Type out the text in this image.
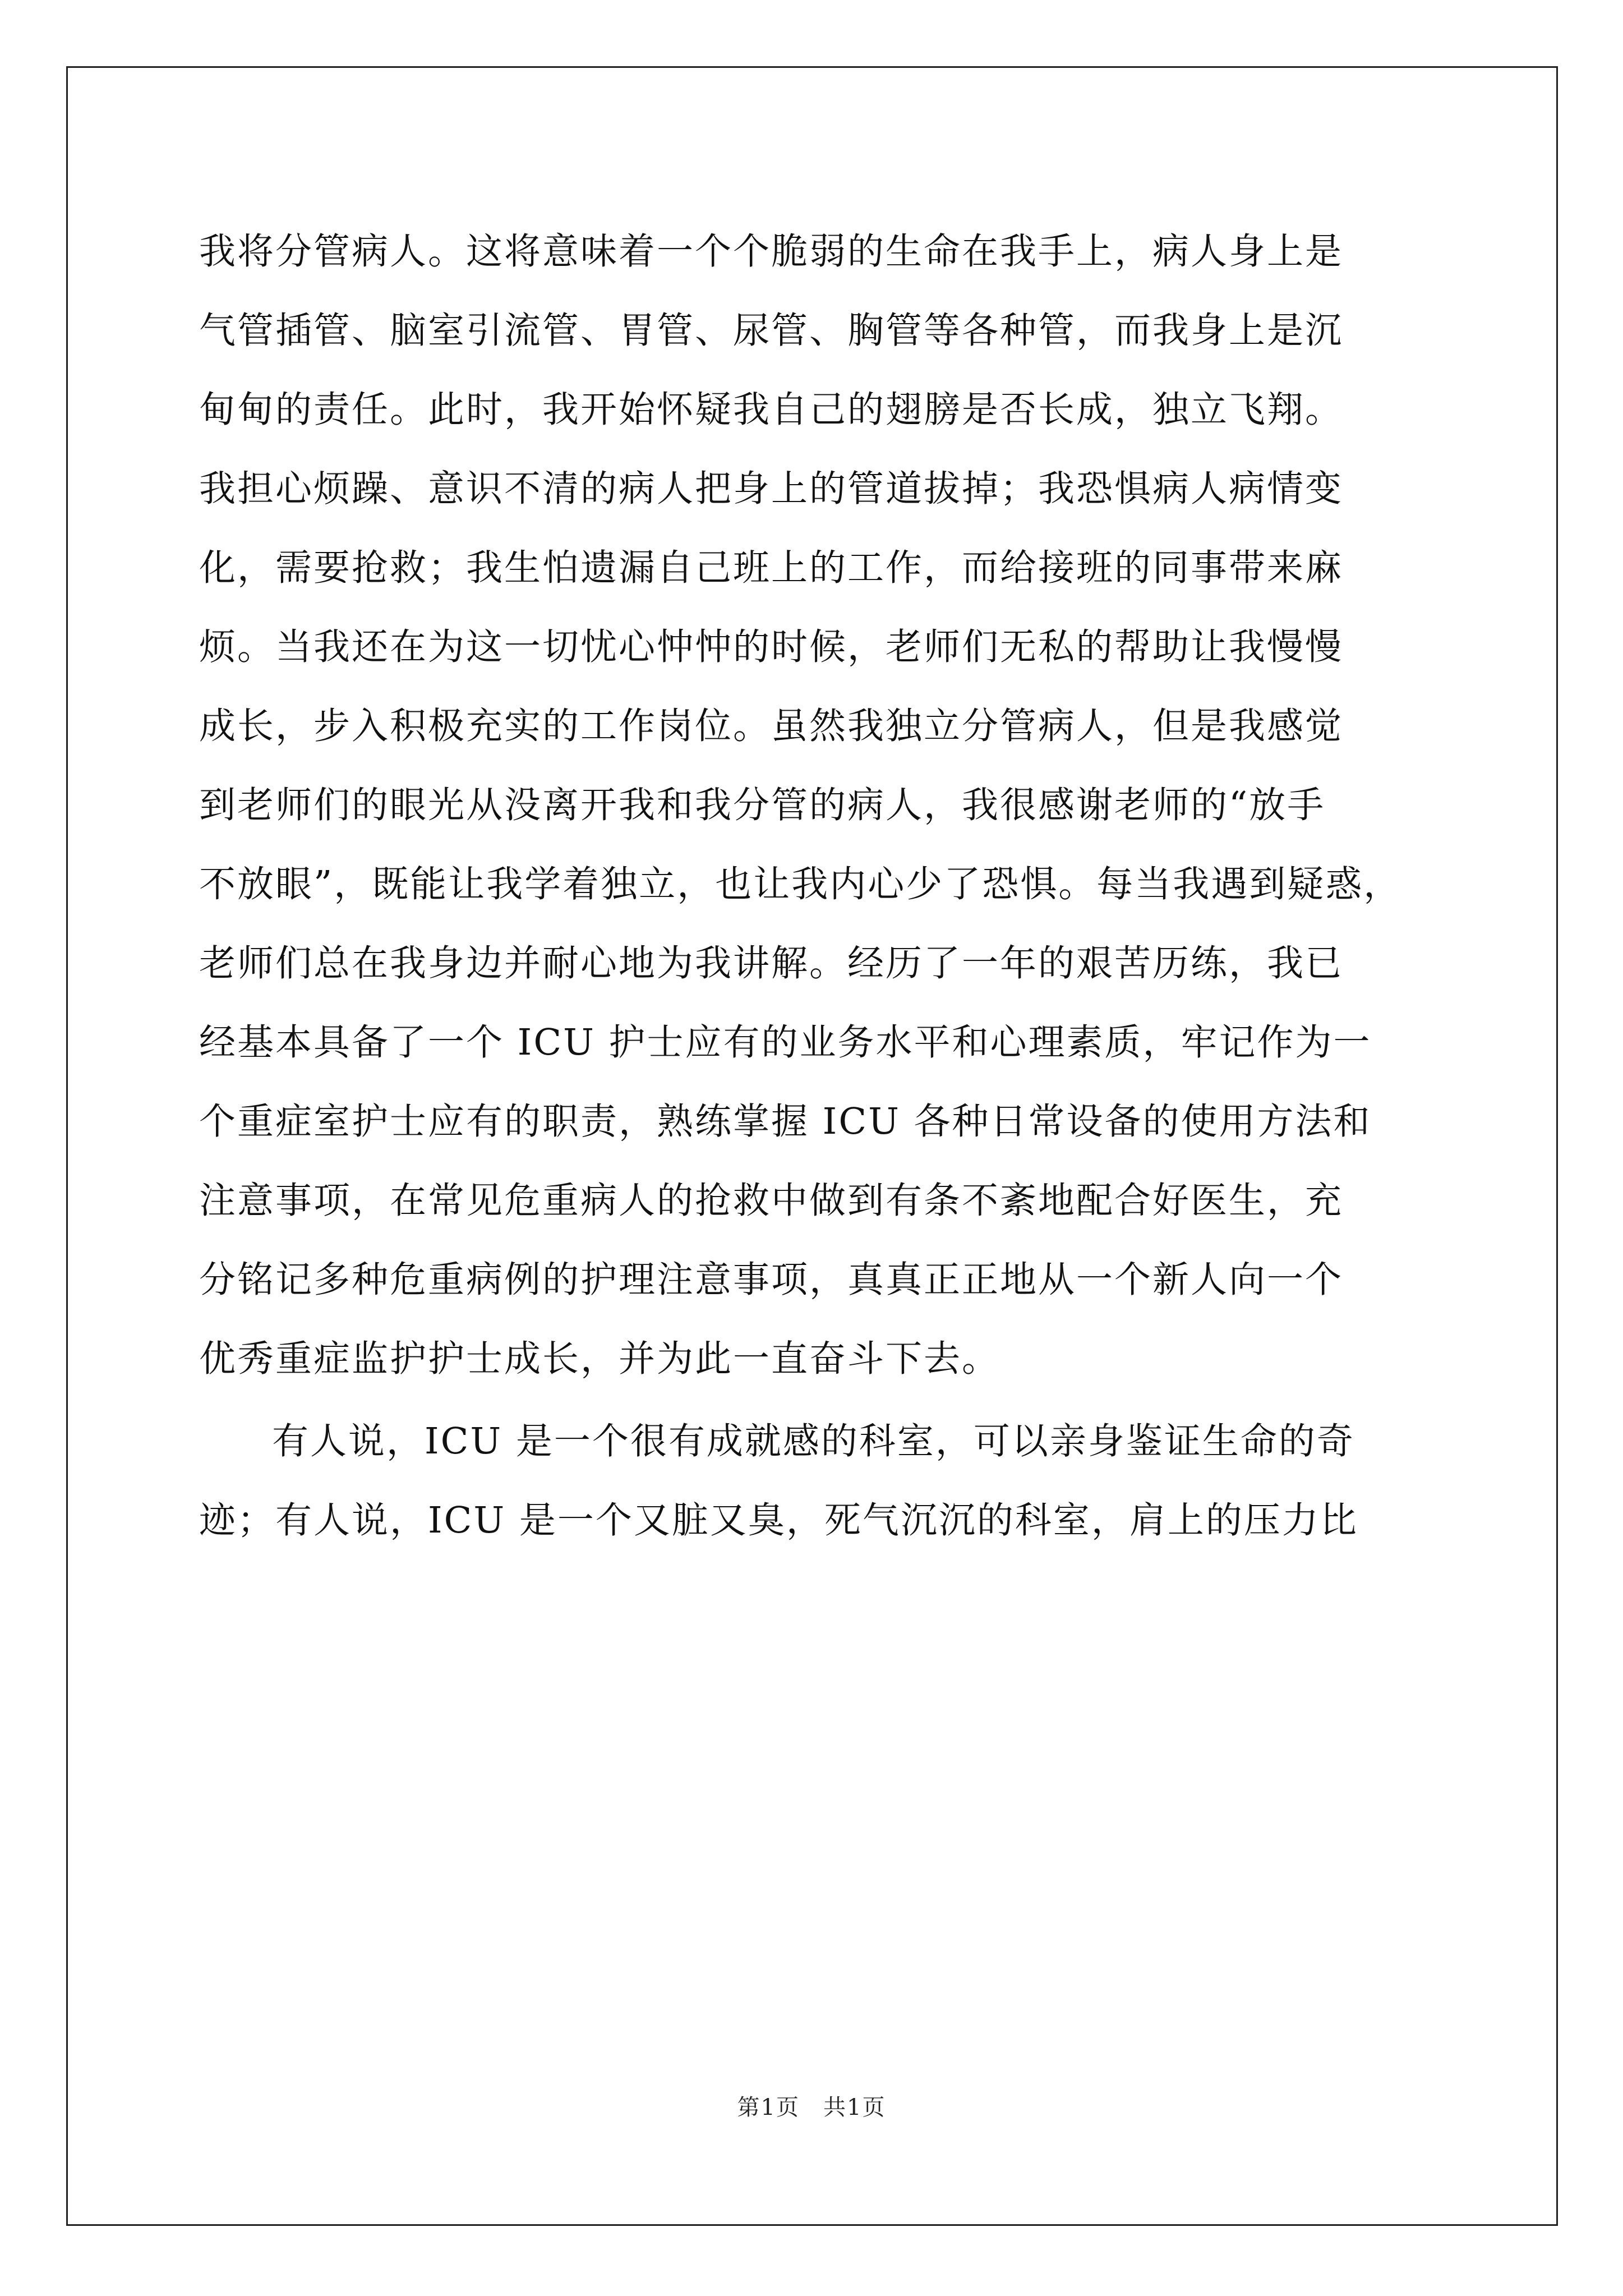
我将分管病人。这将意味着一个个脆弱的生命在我手上，病人身上是
气管插管、脑室引流管、胃管、尿管、胸管等各种管，而我身上是沉
甸甸的责任。此时，我开始怀疑我自己的翅膀是否长成，独立飞翔。
我担心烦躁、意识不清的病人把身上的管道拔掉；我恐惧病人病情变
化，需要抢救；我生怕遗漏自己班上的工作，而给接班的同事带来麻
烦。当我还在为这一切忧心忡忡的时候，老师们无私的帮助让我慢慢
成长，步入积极充实的工作岗位。虽然我独立分管病人，但是我感觉
到老师们的眼光从没离开我和我分管的病人，我很感谢老师的“放手
不放眼”，既能让我学着独立，也让我内心少了恐惧。每当我遇到疑惑，
老师们总在我身边并耐心地为我讲解。经历了一年的艰苦历练，我已
经基本具备了一个 ICU 护士应有的业务水平和心理素质，牢记作为一
个重症室护士应有的职责，熟练掌握 ICU 各种日常设备的使用方法和
注意事项，在常见危重病人的抢救中做到有条不紊地配合好医生，充
分铭记多种危重病例的护理注意事项，真真正正地从一个新人向一个
优秀重症监护护士成长，并为此一直奋斗下去。

有人说，ICU 是一个很有成就感的科室，可以亲身鉴证生命的奇
迹；有人说，ICU 是一个又脏又臭，死气沉沉的科室，肩上的压力比

第1页　共1页
